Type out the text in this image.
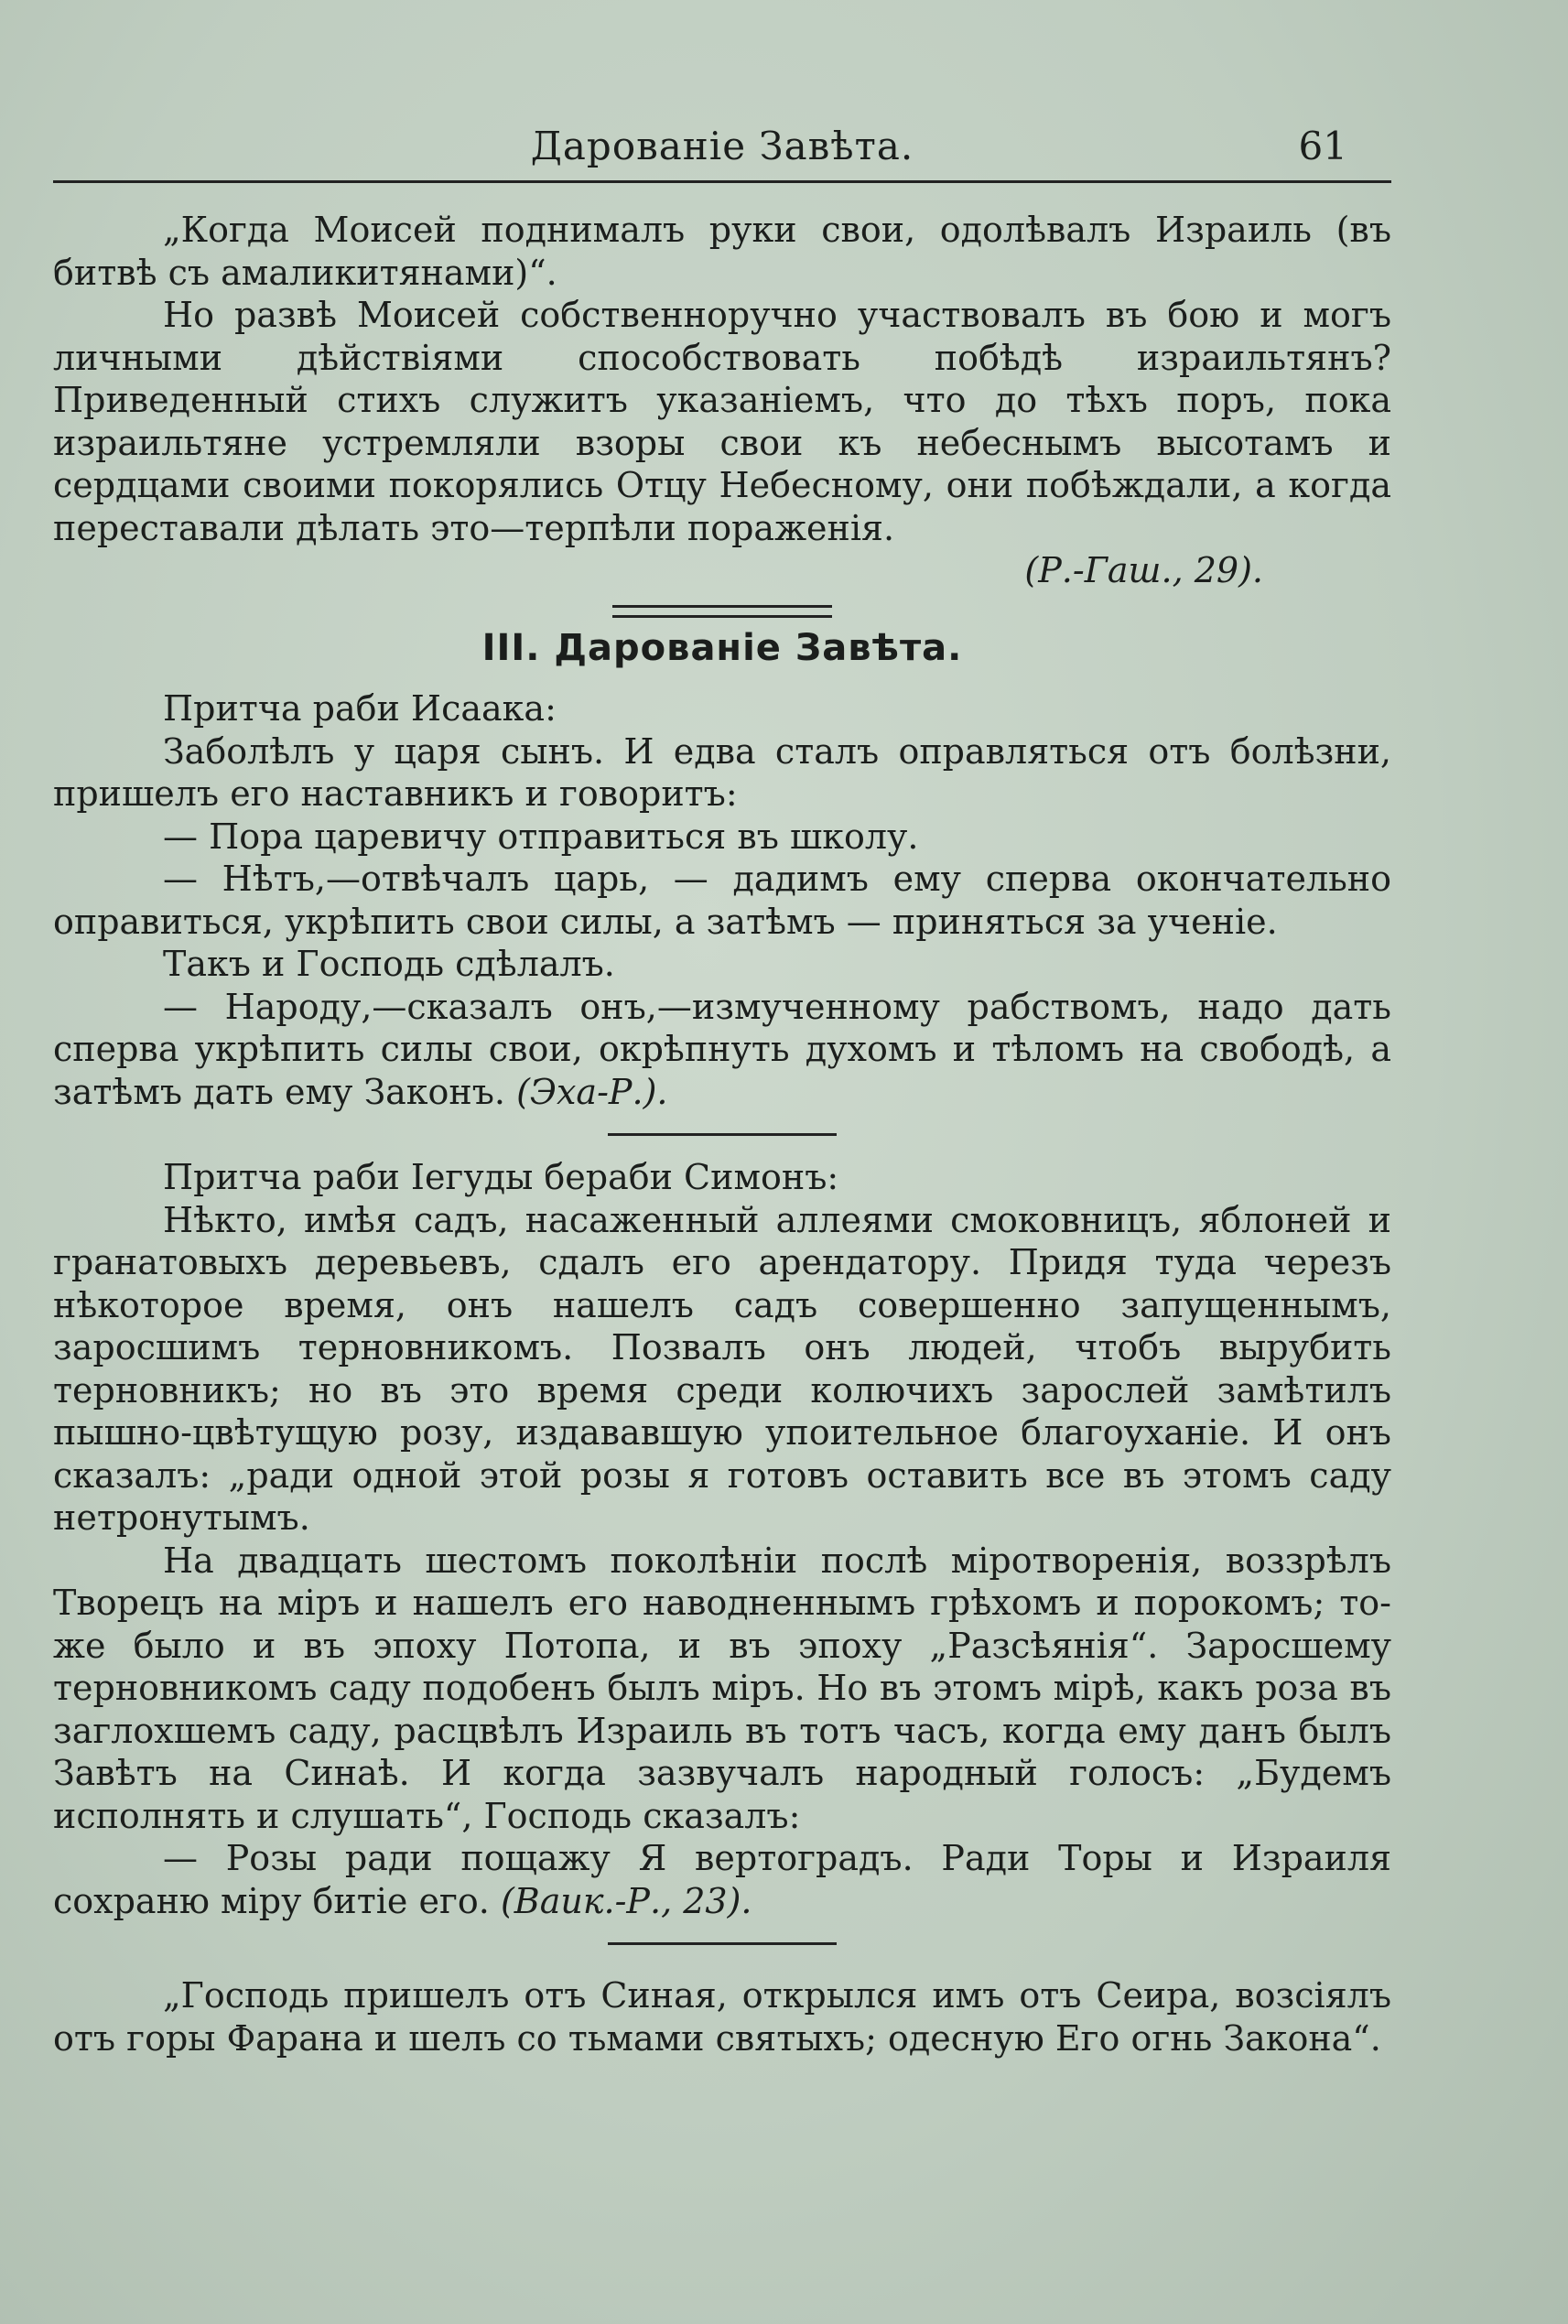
Дарованіе Завѣта.	61

„Когда Моисей поднималъ руки свои, одолѣвалъ Израиль (въ битвѣ съ амаликитянами)“.

Но развѣ Моисей собственноручно участвовалъ въ бою и могъ личными дѣйствіями способствовать побѣдѣ израильтянъ? Приведенный стихъ служитъ указаніемъ, что до тѣхъ поръ, пока израильтяне устремляли взоры свои къ небеснымъ высотамъ и сердцами своими покорялись Отцу Небесному, они побѣждали, а когда переставали дѣлать это—терпѣли пораженія.

(Р.-Гаш., 29).

III. Дарованіе Завѣта.

Притча раби Исаака:

Заболѣлъ у царя сынъ. И едва сталъ оправляться отъ болѣзни, пришелъ его наставникъ и говоритъ:

— Пора царевичу отправиться въ школу.

— Нѣтъ,—отвѣчалъ царь, — дадимъ ему сперва окончательно оправиться, укрѣпить свои силы, а затѣмъ — приняться за ученіе.

Такъ и Господь сдѣлалъ.

— Народу,—сказалъ онъ,—измученному рабствомъ, надо дать сперва укрѣпить силы свои, окрѣпнуть духомъ и тѣломъ на свободѣ, а затѣмъ дать ему Законъ. (Эха-Р.).

Притча раби Іегуды бераби Симонъ:

Нѣкто, имѣя садъ, насаженный аллеями смоковницъ, яблоней и гранатовыхъ деревьевъ, сдалъ его арендатору. Придя туда черезъ нѣкоторое время, онъ нашелъ садъ совершенно запущеннымъ, заросшимъ терновникомъ. Позвалъ онъ людей, чтобъ вырубить терновникъ; но въ это время среди колючихъ зарослей замѣтилъ пышно-цвѣтущую розу, издававшую упоительное благоуханіе. И онъ сказалъ: „ради одной этой розы я готовъ оставить все въ этомъ саду нетронутымъ.

На двадцать шестомъ поколѣніи послѣ міротворенія, воззрѣлъ Творецъ на міръ и нашелъ его наводненнымъ грѣхомъ и порокомъ; то-же было и въ эпоху Потопа, и въ эпоху „Разсѣянія“. Заросшему терновникомъ саду подобенъ былъ міръ. Но въ этомъ мірѣ, какъ роза въ заглохшемъ саду, расцвѣлъ Израиль въ тотъ часъ, когда ему данъ былъ Завѣтъ на Синаѣ. И когда зазвучалъ народный голосъ: „Будемъ исполнять и слушать“, Господь сказалъ:

— Розы ради пощажу Я вертоградъ. Ради Торы и Израиля сохраню міру битіе его. (Ваик.-Р., 23).

„Господь пришелъ отъ Синая, открылся имъ отъ Сеира, возсіялъ отъ горы Фарана и шелъ со тьмами святыхъ; одесную Его огнь Закона“.
